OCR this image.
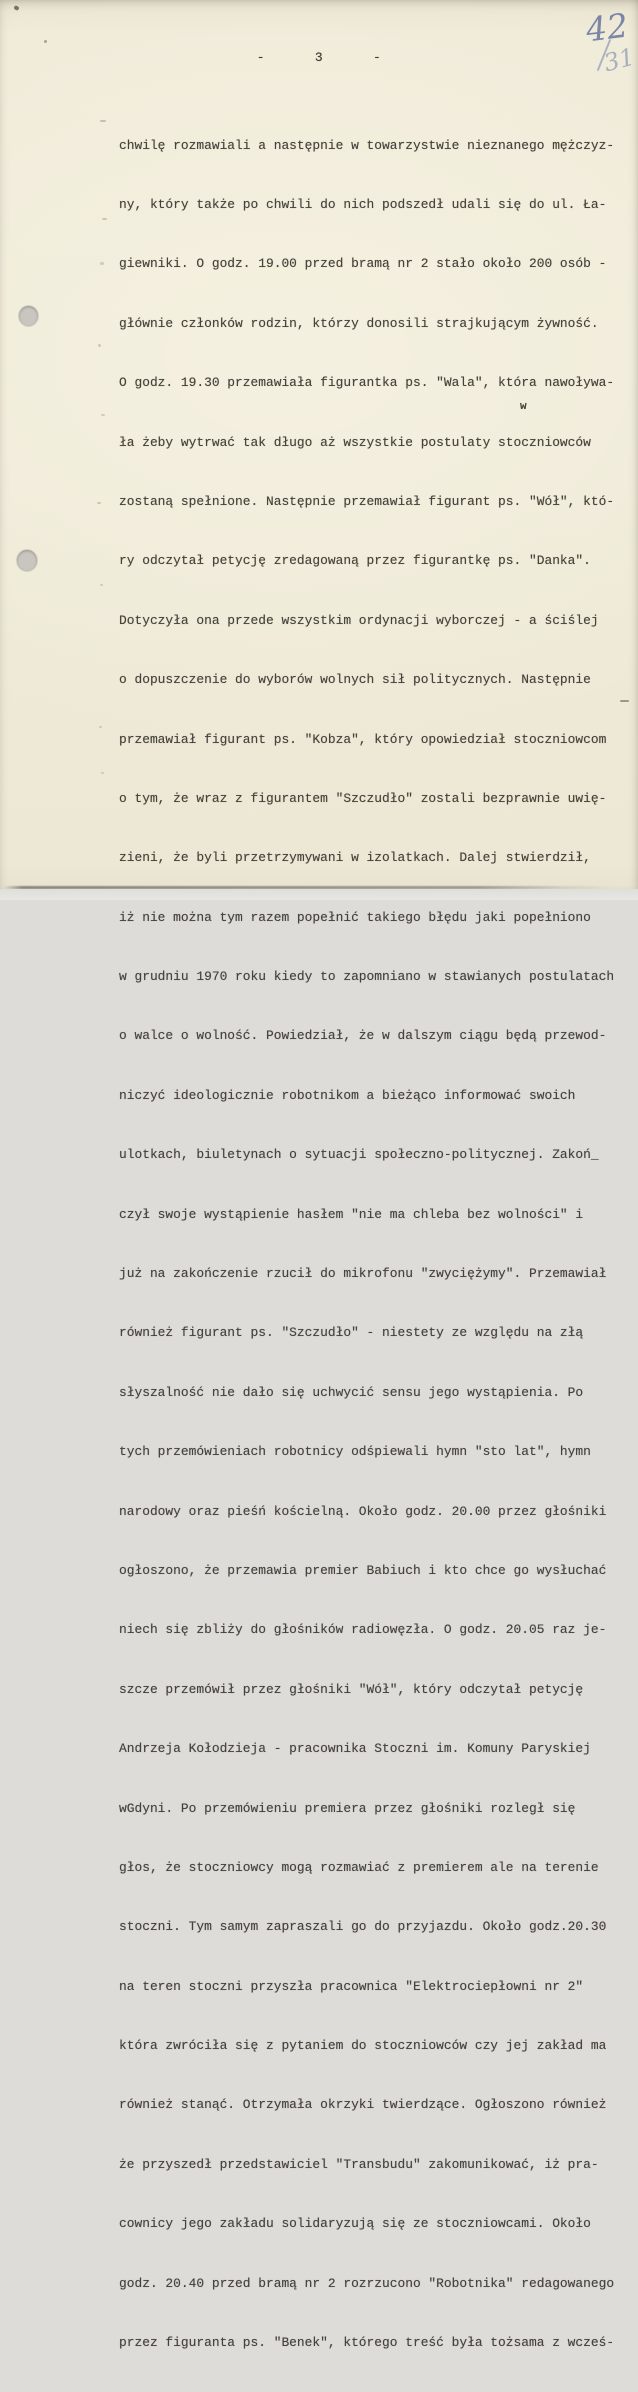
42
31
-      3      -

chwilę rozmawiali a następnie w towarzystwie nieznanego mężczyz-

ny, który także po chwili do nich podszedł udali się do ul. Ła-

giewniki. O godz. 19.00 przed bramą nr 2 stało około 200 osób -

głównie członków rodzin, którzy donosili strajkującym żywność.

O godz. 19.30 przemawiała figurantka ps. "Wala", która nawoływa-

ła żeby wytrwać tak długo aż wszystkie postulaty stoczniowców

zostaną spełnione. Następnie przemawiał figurant ps. "Wół", któ-

ry odczytał petycję zredagowaną przez figurantkę ps. "Danka".

Dotyczyła ona przede wszystkim ordynacji wyborczej - a ściślej

o dopuszczenie do wyborów wolnych sił politycznych. Następnie

przemawiał figurant ps. "Kobza", który opowiedział stoczniowcom

o tym, że wraz z figurantem "Szczudło" zostali bezprawnie uwię-

zieni, że byli przetrzymywani w izolatkach. Dalej stwierdził,

iż nie można tym razem popełnić takiego błędu jaki popełniono

w grudniu 1970 roku kiedy to zapomniano w stawianych postulatach

o walce o wolność. Powiedział, że w dalszym ciągu będą przewod-

niczyć ideologicznie robotnikom a bieżąco informować swoich

ulotkach, biuletynach o sytuacji społeczno-politycznej. Zakoń_

czył swoje wystąpienie hasłem "nie ma chleba bez wolności" i

już na zakończenie rzucił do mikrofonu "zwyciężymy". Przemawiał

również figurant ps. "Szczudło" - niestety ze względu na złą

słyszalność nie dało się uchwycić sensu jego wystąpienia. Po

tych przemówieniach robotnicy odśpiewali hymn "sto lat", hymn

narodowy oraz pieśń kościelną. Około godz. 20.00 przez głośniki

ogłoszono, że przemawia premier Babiuch i kto chce go wysłuchać

niech się zbliży do głośników radiowęzła. O godz. 20.05 raz je-

szcze przemówił przez głośniki "Wół", który odczytał petycję

Andrzeja Kołodzieja - pracownika Stoczni im. Komuny Paryskiej

wGdyni. Po przemówieniu premiera przez głośniki rozległ się

głos, że stoczniowcy mogą rozmawiać z premierem ale na terenie

stoczni. Tym samym zapraszali go do przyjazdu. Około godz.20.30

na teren stoczni przyszła pracownica "Elektrociepłowni nr 2"

która zwróciła się z pytaniem do stoczniowców czy jej zakład ma

również stanąć. Otrzymała okrzyki twierdzące. Ogłoszono również

że przyszedł przedstawiciel "Transbudu" zakomunikować, iż pra-

cownicy jego zakładu solidaryzują się ze stoczniowcami. Około

godz. 20.40 przed bramą nr 2 rozrzucono "Robotnika" redagowanego

przez figuranta ps. "Benek", którego treść była tożsama z wcześ-

w
